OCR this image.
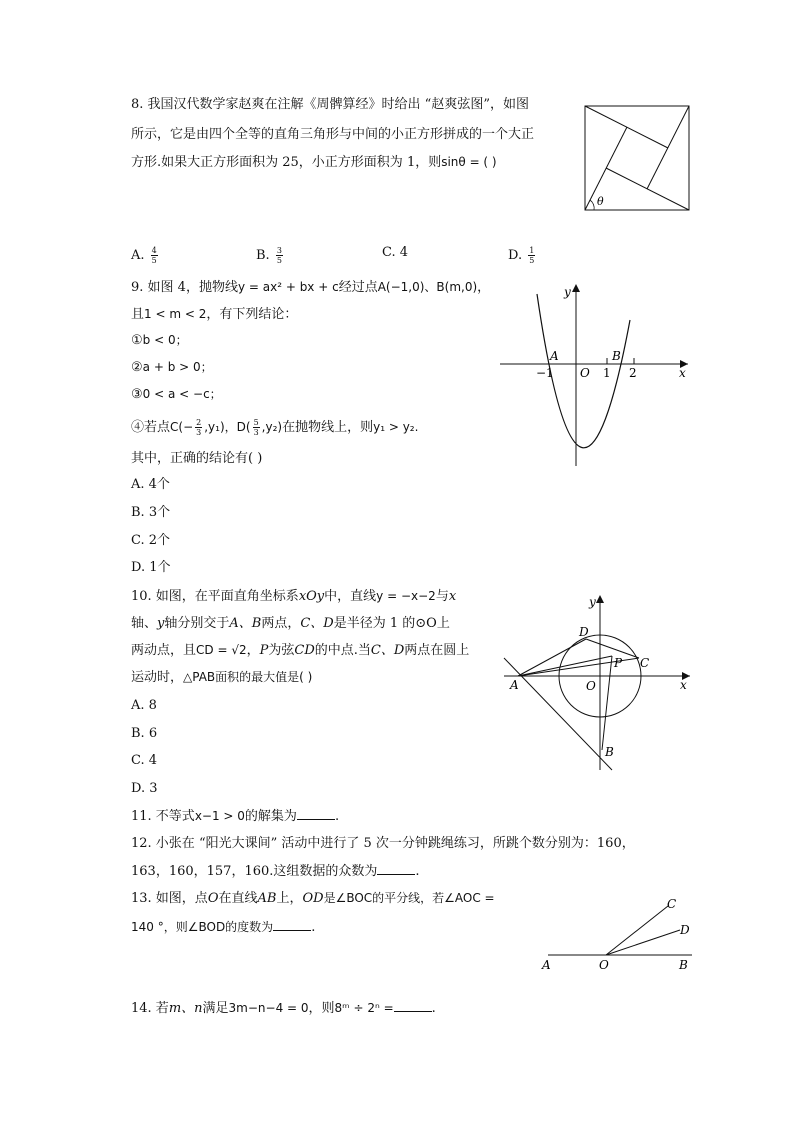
8. 我国汉代数学家赵爽在注解《周髀算经》时给出 “赵爽弦图”，如图
所示，它是由四个全等的直角三角形与中间的小正方形拼成的一个大正
方形.如果大正方形面积为 25，小正方形面积为 1，则sinθ = ( )
θ
A. $\frac{4}{5}$	B. $\frac{3}{5}$	C. 4	D. $\frac{1}{5}$
9. 如图 4，抛物线y = ax² + bx + c经过点A(−1,0)、B(m,0)，
且1 < m < 2，有下列结论：
①b < 0；
②a + b > 0；
③0 < a < −c；
④若点$C(- \frac{2}{3} ,y_1)$，$D( \frac{5}{3} ,y_2)$在抛物线上，则y₁ > y₂.
其中，正确的结论有( )
A. 4个
B. 3个
C. 2个
D. 1个
y
x
A	B
O
−1	1 2
10. 如图，在平面直角坐标系xOy中，直线y = −x−2与x
轴、y轴分别交于A、B两点，C、D是半径为 1 的⊙O上
两动点，且CD = √2，P为弦CD的中点.当C、D两点在圆上
运动时，△PAB面积的最大值是( )
A. 8
B. 6
C. 4
D. 3
y
x
A
B
C
D
O
P
11. 不等式x−1 > 0的解集为	.
12. 小张在 “阳光大课间” 活动中进行了 5 次一分钟跳绳练习，所跳个数分别为：160，
163，160，157，160.这组数据的众数为	.
13. 如图，点O在直线AB上，OD是∠BOC的平分线，若∠AOC =
140 °，则∠BOD的度数为	.
A	O	B
C
D
14. 若m、n满足3m−n−4 = 0，则8ᵐ ÷ 2ⁿ =	.
